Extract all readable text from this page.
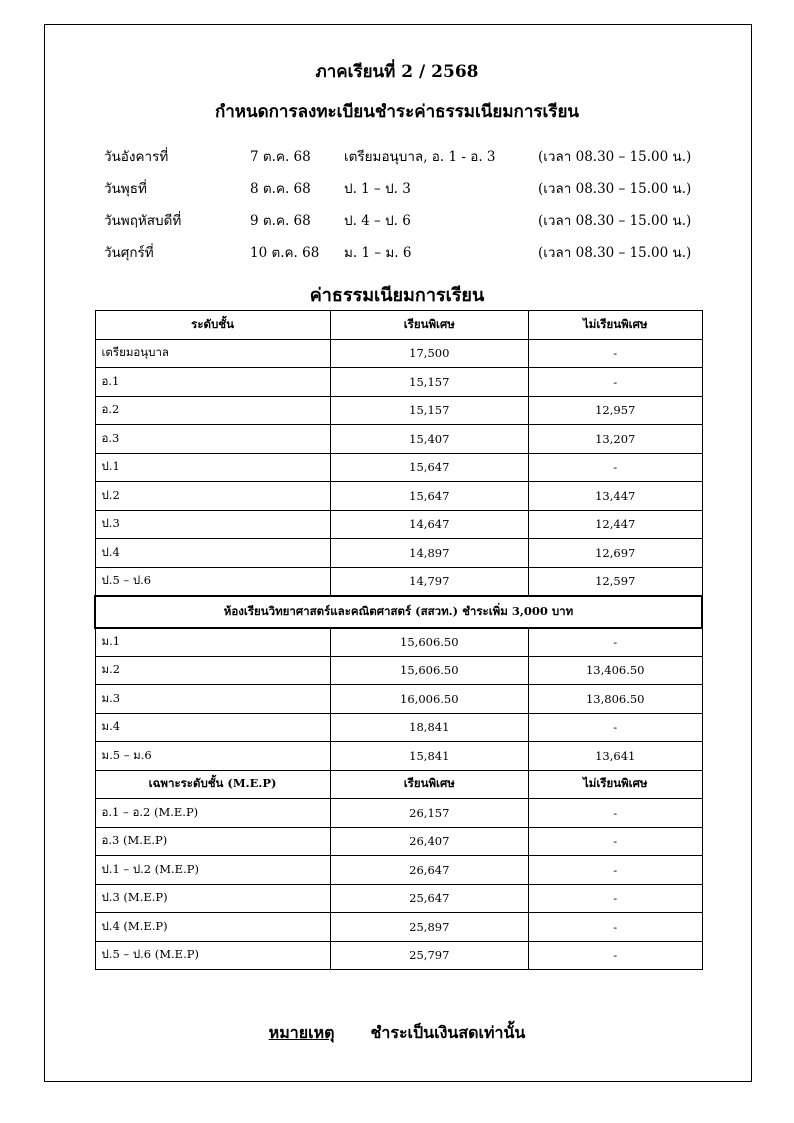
ภาคเรียนที่ 2 / 2568
กำหนดการลงทะเบียนชำระค่าธรรมเนียมการเรียน
วันอังคารที่	7 ต.ค. 68 เตรียมอนุบาล, อ. 1 - อ. 3	(เวลา 08.30 – 15.00 น.)
วันพุธที่	8 ต.ค. 68 ป. 1 – ป. 3	(เวลา 08.30 – 15.00 น.)
วันพฤหัสบดีที่	9 ต.ค. 68 ป. 4 – ป. 6	(เวลา 08.30 – 15.00 น.)
วันศุกร์ที่	10 ต.ค. 68 ม. 1 – ม. 6	(เวลา 08.30 – 15.00 น.)
ค่าธรรมเนียมการเรียน
ระดับชั้น	เรียนพิเศษ	ไม่เรียนพิเศษ
เตรียมอนุบาล	17,500	-
อ.1	15,157	-
อ.2	15,157	12,957
อ.3	15,407	13,207
ป.1	15,647	-
ป.2	15,647	13,447
ป.3	14,647	12,447
ป.4	14,897	12,697
ป.5 – ป.6	14,797	12,597
ห้องเรียนวิทยาศาสตร์และคณิตศาสตร์ (สสวท.) ชำระเพิ่ม 3,000 บาท		
ม.1	15,606.50	-
ม.2	15,606.50	13,406.50
ม.3	16,006.50	13,806.50
ม.4	18,841	-
ม.5 – ม.6	15,841	13,641
เฉพาะระดับชั้น (M.E.P)	เรียนพิเศษ	ไม่เรียนพิเศษ
อ.1 – อ.2 (M.E.P)	26,157	-
อ.3 (M.E.P)	26,407	-
ป.1 – ป.2 (M.E.P)	26,647	-
ป.3 (M.E.P)	25,647	-
ป.4 (M.E.P)	25,897	-
ป.5 – ป.6 (M.E.P)	25,797	-
หมายเหตุ ชำระเป็นเงินสดเท่านั้น
